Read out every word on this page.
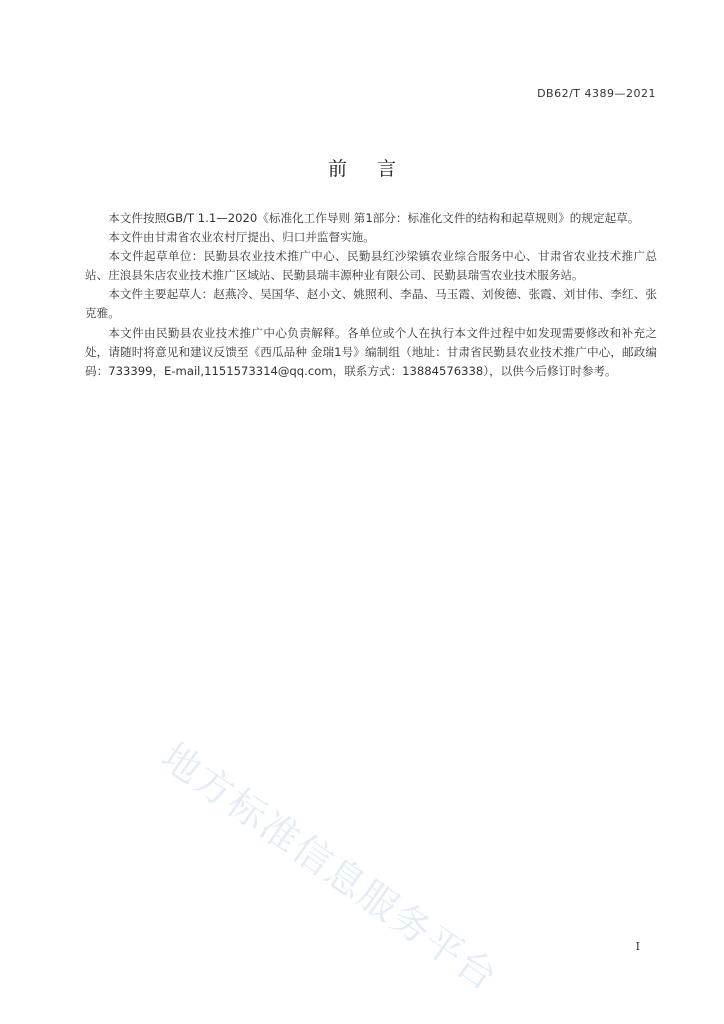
DB62/T 4389—2021
前言

本文件按照GB/T 1.1—2020《标准化工作导则 第1部分：标准化文件的结构和起草规则》的规定起草。

本文件由甘肃省农业农村厅提出、归口并监督实施。

本文件起草单位：民勤县农业技术推广中心、民勤县红沙梁镇农业综合服务中心、甘肃省农业技术推广总站、庄浪县朱店农业技术推广区域站、民勤县瑞丰源种业有限公司、民勤县瑞雪农业技术服务站。

本文件主要起草人：赵燕冷、吴国华、赵小文、姚照利、李晶、马玉霞、刘俊德、张霞、刘甘伟、李红、张克雅。

本文件由民勤县农业技术推广中心负责解释。各单位或个人在执行本文件过程中如发现需要修改和补充之处，请随时将意见和建议反馈至《西瓜品种 金瑞1号》编制组（地址：甘肃省民勤县农业技术推广中心，邮政编码：733399，E-mail,1151573314@qq.com，联系方式：13884576338），以供今后修订时参考。

地方标准信息服务平台	I
